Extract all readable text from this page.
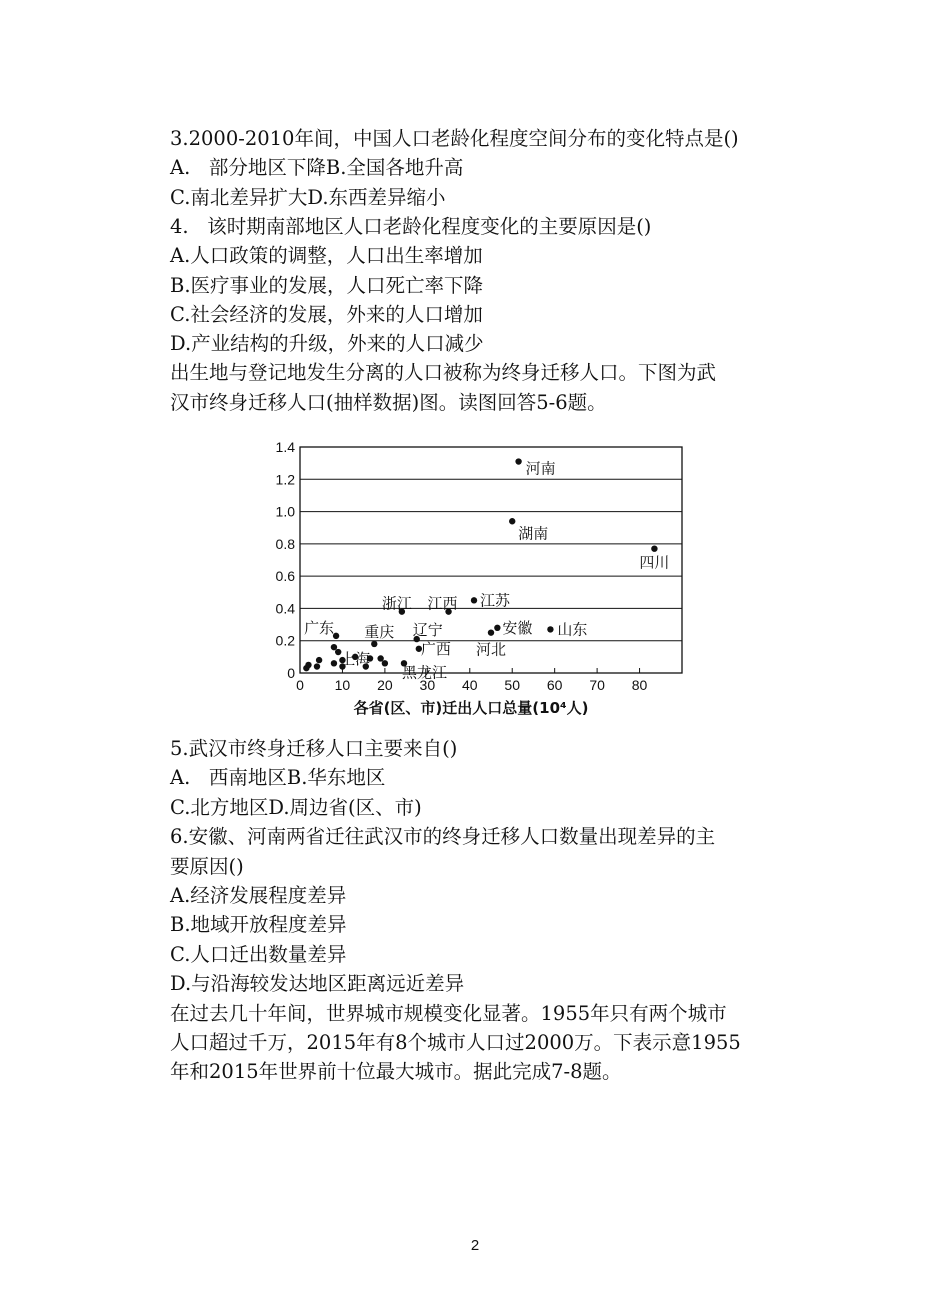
3.2000-2010年间，中国人口老龄化程度空间分布的变化特点是()
A.   部分地区下降B.全国各地升高
C.南北差异扩大D.东西差异缩小
4.   该时期南部地区人口老龄化程度变化的主要原因是()
A.人口政策的调整，人口出生率增加
B.医疗事业的发展，人口死亡率下降
C.社会经济的发展，外来的人口增加
D.产业结构的升级，外来的人口减少
出生地与登记地发生分离的人口被称为终身迁移人口。下图为武
汉市终身迁移人口(抽样数据)图。读图回答5-6题。
0
0.2
0.4
0.6
0.8
1.0
1.2
1.4
0 10 20 30 40 50 60 70 80
各省(区、市)迁出人口总量(10⁴人)
河南
湖南
四川
浙江 江西 江苏
安徽 山东
河北
广东 重庆 辽宁
广西
黑龙江
5.武汉市终身迁移人口主要来自()
A.   西南地区B.华东地区
C.北方地区D.周边省(区、市)
6.安徽、河南两省迁往武汉市的终身迁移人口数量出现差异的主
要原因()
A.经济发展程度差异
B.地域开放程度差异
C.人口迁出数量差异
D.与沿海较发达地区距离远近差异
在过去几十年间，世界城市规模变化显著。1955年只有两个城市
人口超过千万，2015年有8个城市人口过2000万。下表示意1955
年和2015年世界前十位最大城市。据此完成7-8题。
2
